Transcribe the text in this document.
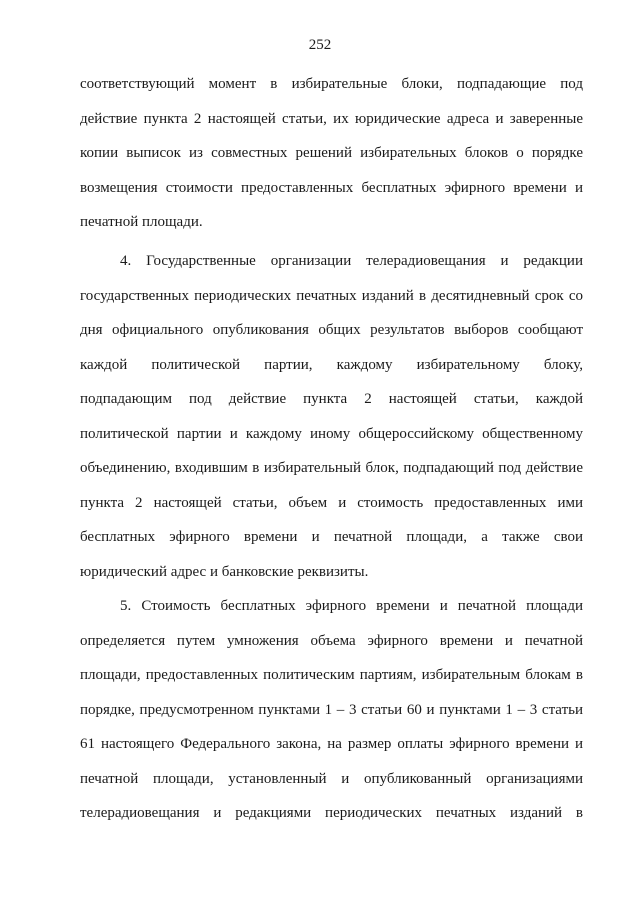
252
соответствующий момент в избирательные блоки, подпадающие под
действие пункта 2 настоящей статьи, их юридические адреса и заверенные
копии выписок из совместных решений избирательных блоков о порядке
возмещения стоимости предоставленных бесплатных эфирного времени и
печатной площади.
4. Государственные организации телерадиовещания и редакции
государственных периодических печатных изданий в десятидневный срок со
дня официального опубликования общих результатов выборов сообщают
каждой политической партии, каждому избирательному блоку,
подпадающим под действие пункта 2 настоящей статьи, каждой
политической партии и каждому иному общероссийскому общественному
объединению, входившим в избирательный блок, подпадающий под действие
пункта 2 настоящей статьи, объем и стоимость предоставленных ими
бесплатных эфирного времени и печатной площади, а также свои
юридический адрес и банковские реквизиты.
5. Стоимость бесплатных эфирного времени и печатной площади
определяется путем умножения объема эфирного времени и печатной
площади, предоставленных политическим партиям, избирательным блокам в
порядке, предусмотренном пунктами 1 – 3 статьи 60 и пунктами 1 – 3 статьи
61 настоящего Федерального закона, на размер оплаты эфирного времени и
печатной площади, установленный и опубликованный организациями
телерадиовещания и редакциями периодических печатных изданий в
